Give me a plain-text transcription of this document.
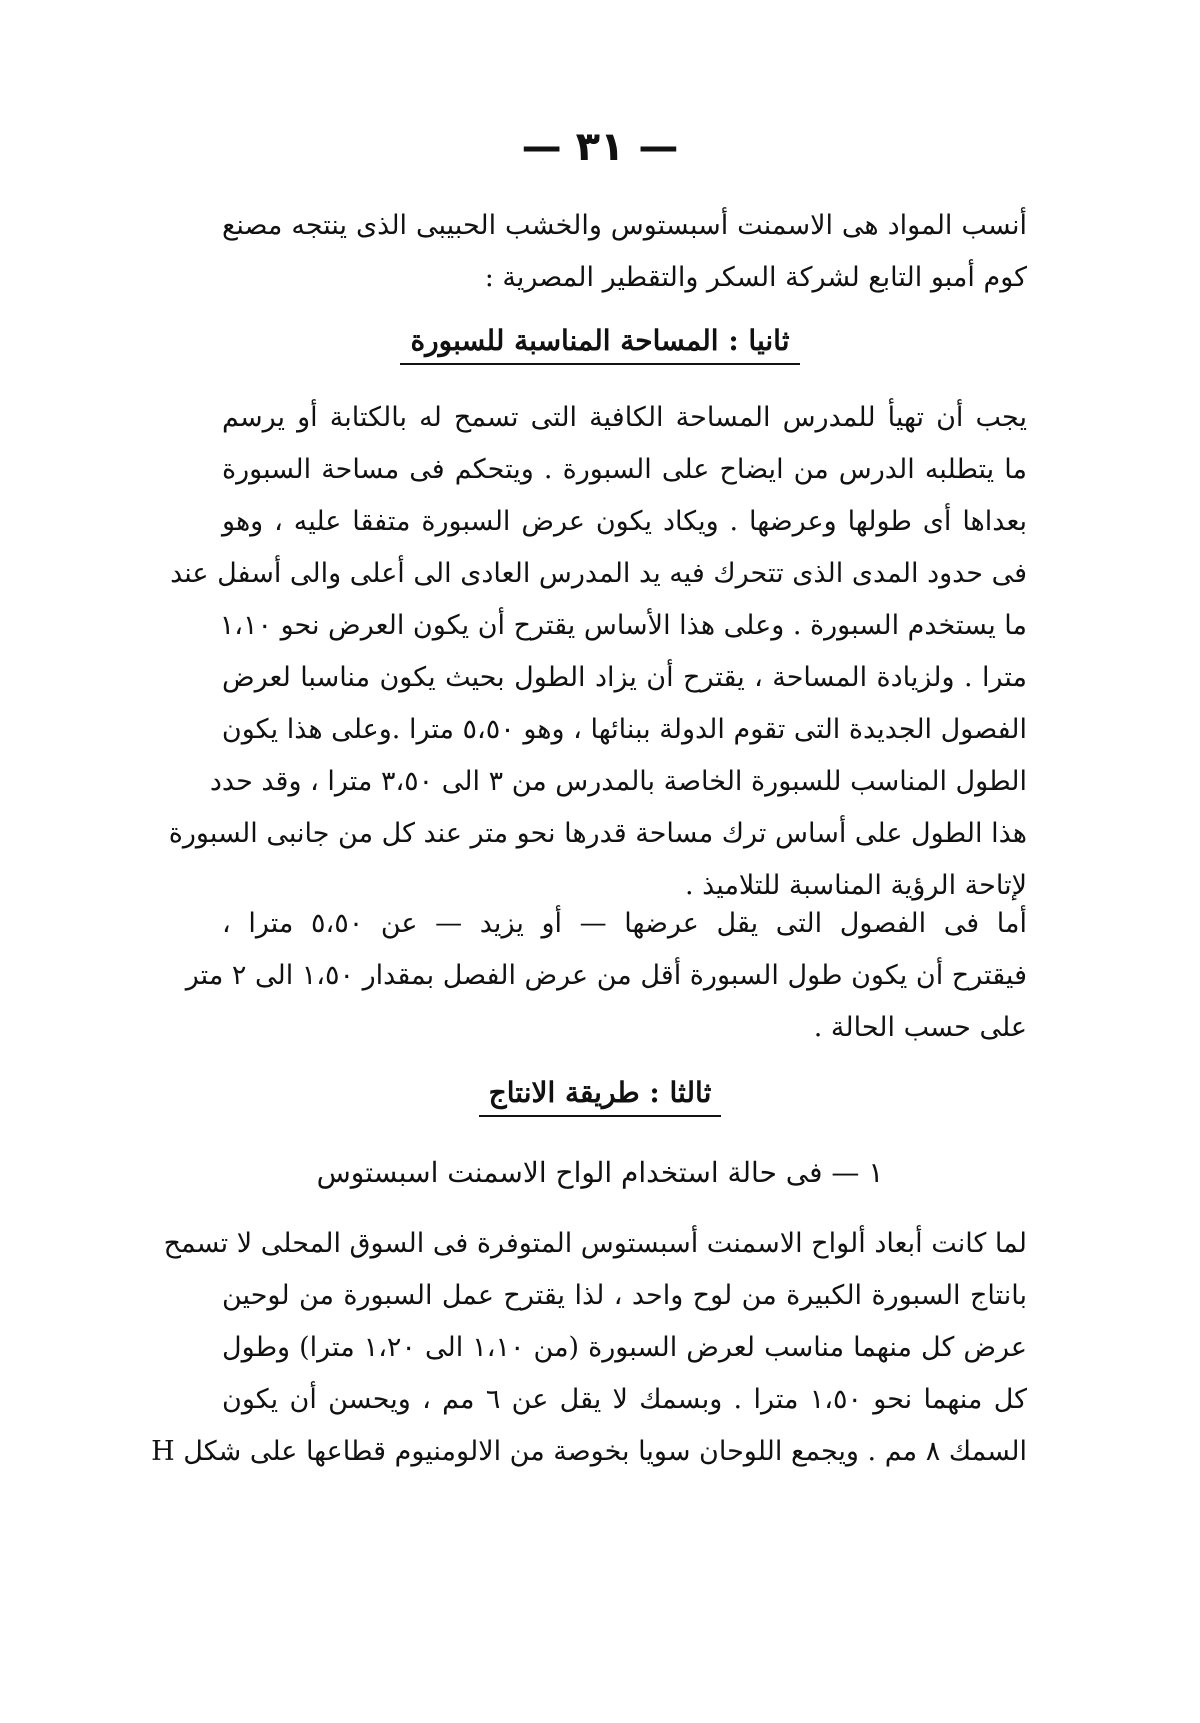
— ٣١ —
أنسب المواد هى الاسمنت أسبستوس والخشب الحبيبى الذى ينتجه مصنع
كوم أمبو التابع لشركة السكر والتقطير المصرية :
ثانيا : المساحة المناسبة للسبورة
يجب أن تهيأ للمدرس المساحة الكافية التى تسمح له بالكتابة أو يرسم
ما يتطلبه الدرس من ايضاح على السبورة . ويتحكم فى مساحة السبورة
بعداها أى طولها وعرضها . ويكاد يكون عرض السبورة متفقا عليه ، وهو
فى حدود المدى الذى تتحرك فيه يد المدرس العادى الى أعلى والى أسفل عند
ما يستخدم السبورة . وعلى هذا الأساس يقترح أن يكون العرض نحو ١،١٠
مترا . ولزيادة المساحة ، يقترح أن يزاد الطول بحيث يكون مناسبا لعرض
الفصول الجديدة التى تقوم الدولة ببنائها ، وهو ٥،٥٠ مترا .وعلى هذا يكون
الطول المناسب للسبورة الخاصة بالمدرس من ٣ الى ٣،٥٠ مترا ، وقد حدد
هذا الطول على أساس ترك مساحة قدرها نحو متر عند كل من جانبى السبورة
لإتاحة الرؤية المناسبة للتلاميذ .
أما فى الفصول التى يقل عرضها — أو يزيد — عن ٥،٥٠ مترا ،
فيقترح أن يكون طول السبورة أقل من عرض الفصل بمقدار ١،٥٠ الى ٢ متر
على حسب الحالة .
ثالثا : طريقة الانتاج
١ — فى حالة استخدام الواح الاسمنت اسبستوس
لما كانت أبعاد ألواح الاسمنت أسبستوس المتوفرة فى السوق المحلى لا تسمح
بانتاج السبورة الكبيرة من لوح واحد ، لذا يقترح عمل السبورة من لوحين
عرض كل منهما مناسب لعرض السبورة (من ١،١٠ الى ١،٢٠ مترا) وطول
كل منهما نحو ١،٥٠ مترا . وبسمك لا يقل عن ٦ مم ، ويحسن أن يكون
السمك ٨ مم . ويجمع اللوحان سويا بخوصة من الالومنيوم قطاعها على شكل H
